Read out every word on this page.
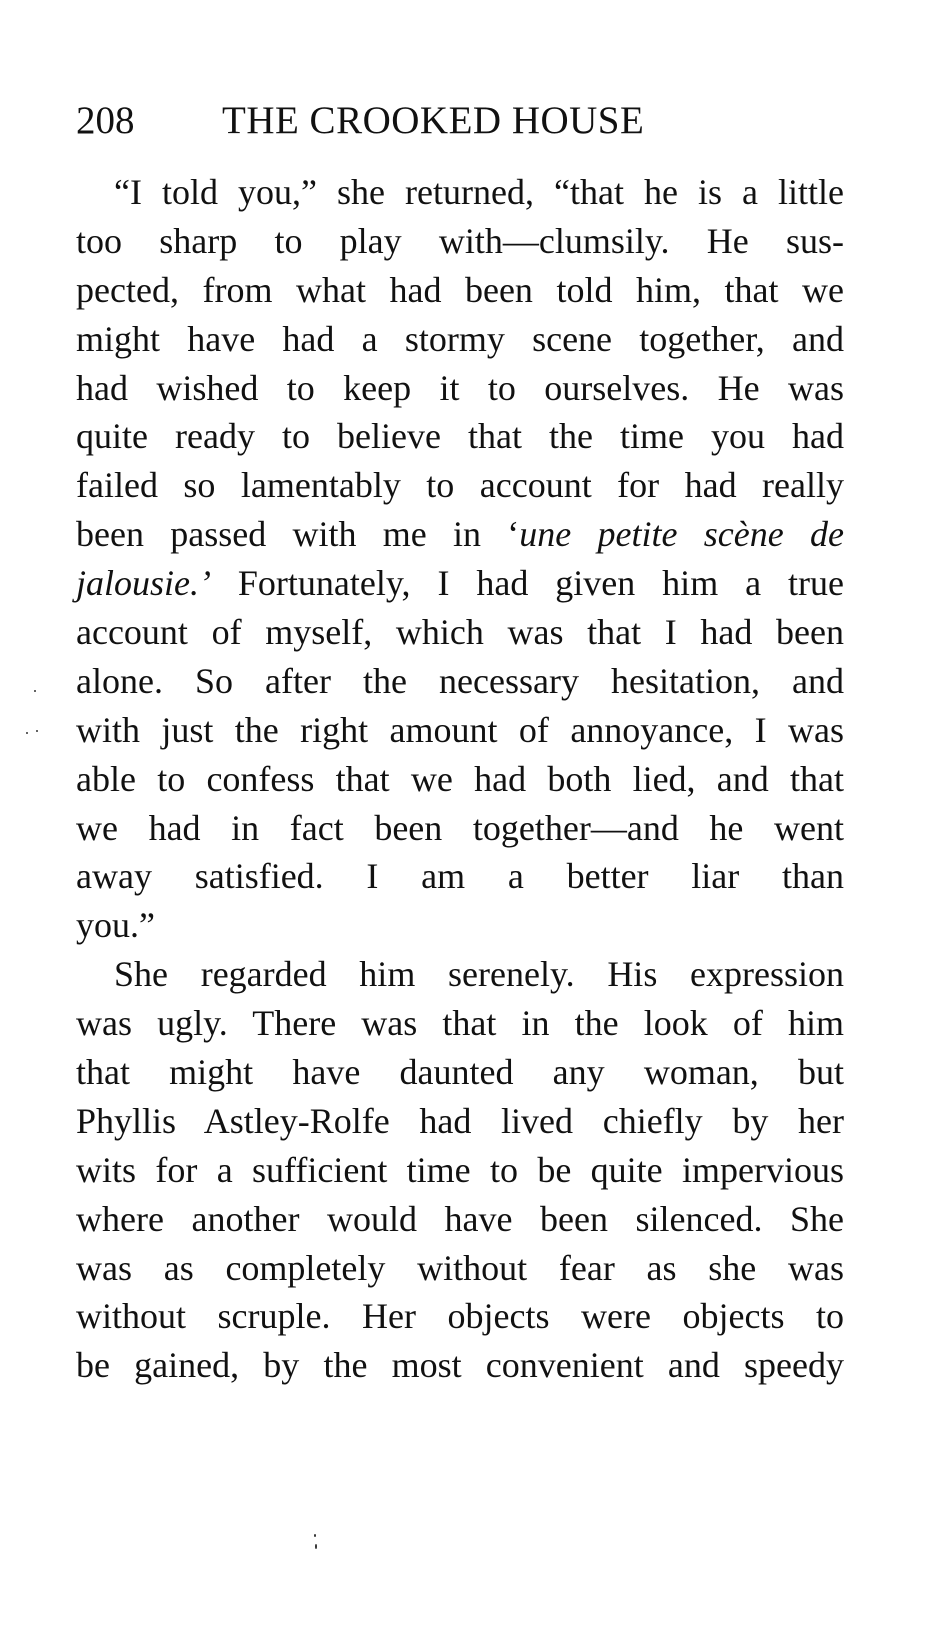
208 THE CROOKED HOUSE
“I told you,” she returned, “that he is a little
too sharp to play with—clumsily. He sus-
pected, from what had been told him, that we
might have had a stormy scene together, and
had wished to keep it to ourselves. He was
quite ready to believe that the time you had
failed so lamentably to account for had really
been passed with me in ‘une petite scène de
jalousie.’ Fortunately, I had given him a true
account of myself, which was that I had been
alone. So after the necessary hesitation, and
with just the right amount of annoyance, I was
able to confess that we had both lied, and that
we had in fact been together—and he went
away satisfied. I am a better liar than
you.”
She regarded him serenely. His expression
was ugly. There was that in the look of him
that might have daunted any woman, but
Phyllis Astley-Rolfe had lived chiefly by her
wits for a sufficient time to be quite impervious
where another would have been silenced. She
was as completely without fear as she was
without scruple. Her objects were objects to
be gained, by the most convenient and speedy
